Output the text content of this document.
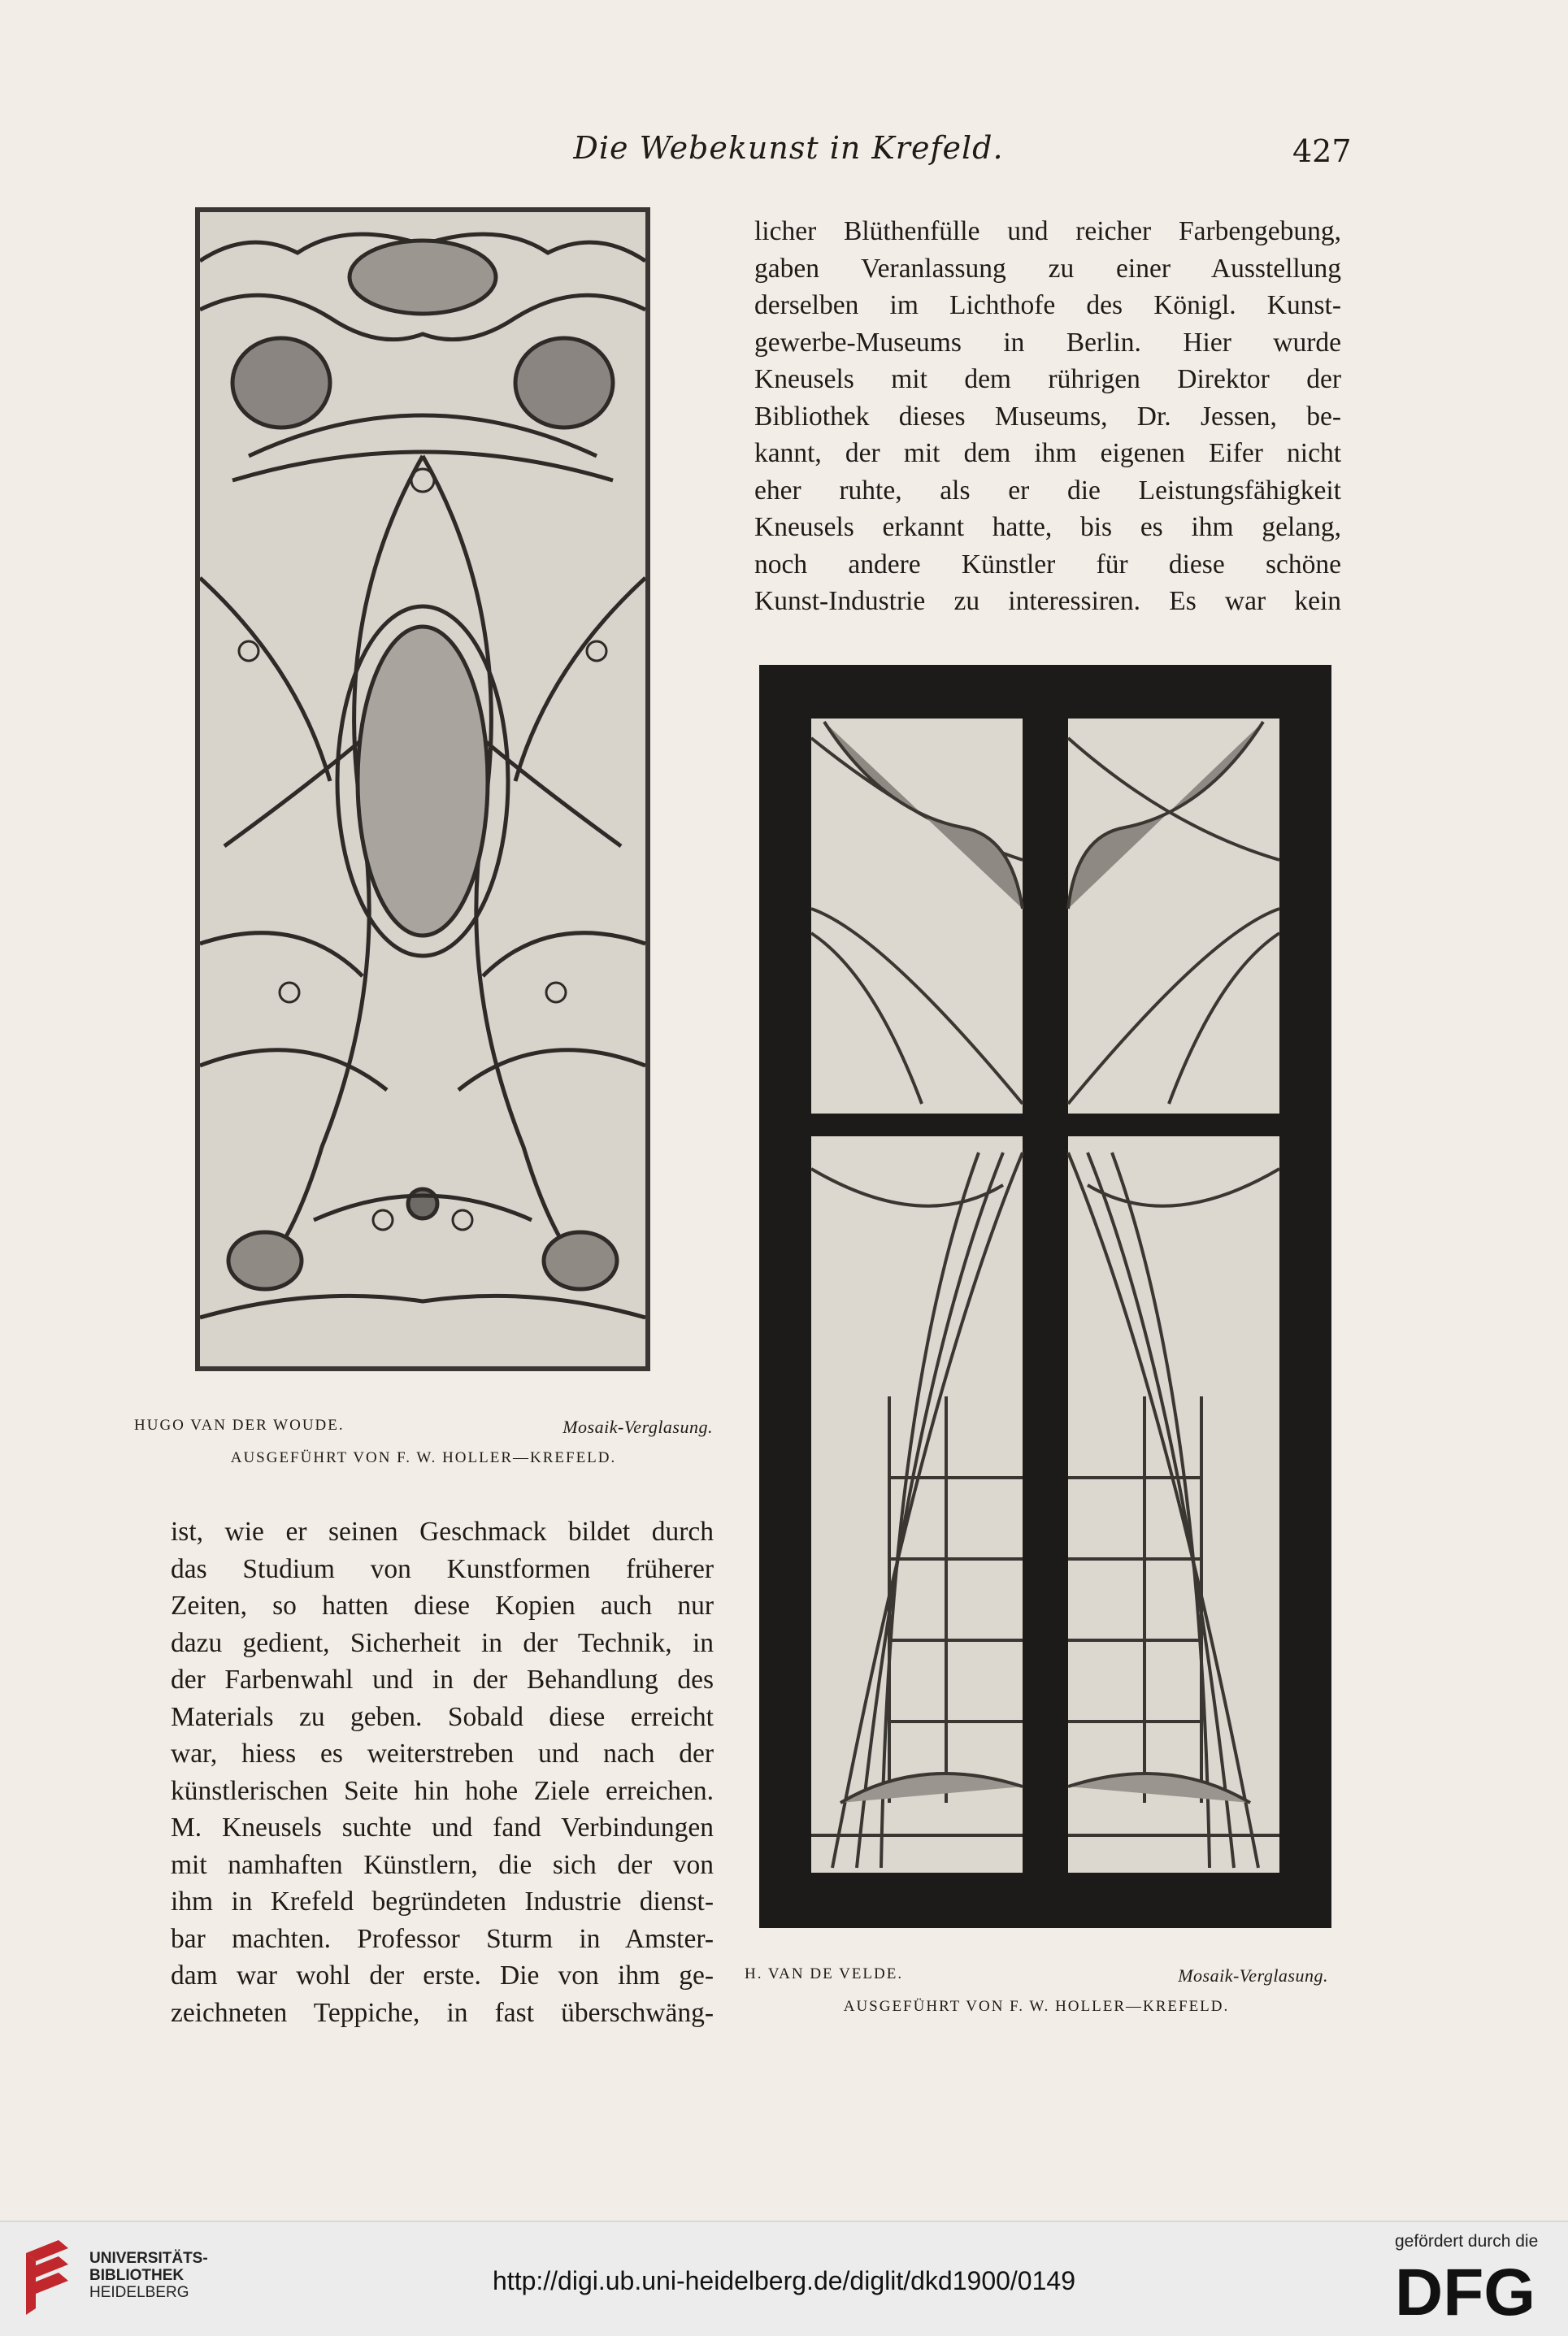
Die Webekunst in Krefeld.	427
HUGO VAN DER WOUDE.	Mosaik-Verglasung.
AUSGEFÜHRT VON F. W. HOLLER—KREFELD.
H. VAN DE VELDE.	Mosaik-Verglasung.
AUSGEFÜHRT VON F. W. HOLLER—KREFELD.
licher Blüthenfülle und reicher Farbengebung,
gaben Veranlassung zu einer Ausstellung
derselben im Lichthofe des Königl. Kunst-
gewerbe-Museums in Berlin. Hier wurde
Kneusels mit dem rührigen Direktor der
Bibliothek dieses Museums, Dr. Jessen, be-
kannt, der mit dem ihm eigenen Eifer nicht
eher ruhte, als er die Leistungsfähigkeit
Kneusels erkannt hatte, bis es ihm gelang,
noch andere Künstler für diese schöne
Kunst-Industrie zu interessiren. Es war kein
ist, wie er seinen Geschmack bildet durch
das Studium von Kunstformen früherer
Zeiten, so hatten diese Kopien auch nur
dazu gedient, Sicherheit in der Technik, in
der Farbenwahl und in der Behandlung des
Materials zu geben. Sobald diese erreicht
war, hiess es weiterstreben und nach der
künstlerischen Seite hin hohe Ziele erreichen.
M. Kneusels suchte und fand Verbindungen
mit namhaften Künstlern, die sich der von
ihm in Krefeld begründeten Industrie dienst-
bar machten. Professor Sturm in Amster-
dam war wohl der erste. Die von ihm ge-
zeichneten Teppiche, in fast überschwäng-
UNIVERSITÄTS-
BIBLIOTHEK
HEIDELBERG	http://digi.ub.uni-heidelberg.de/diglit/dkd1900/0149
gefördert durch die
DFG
